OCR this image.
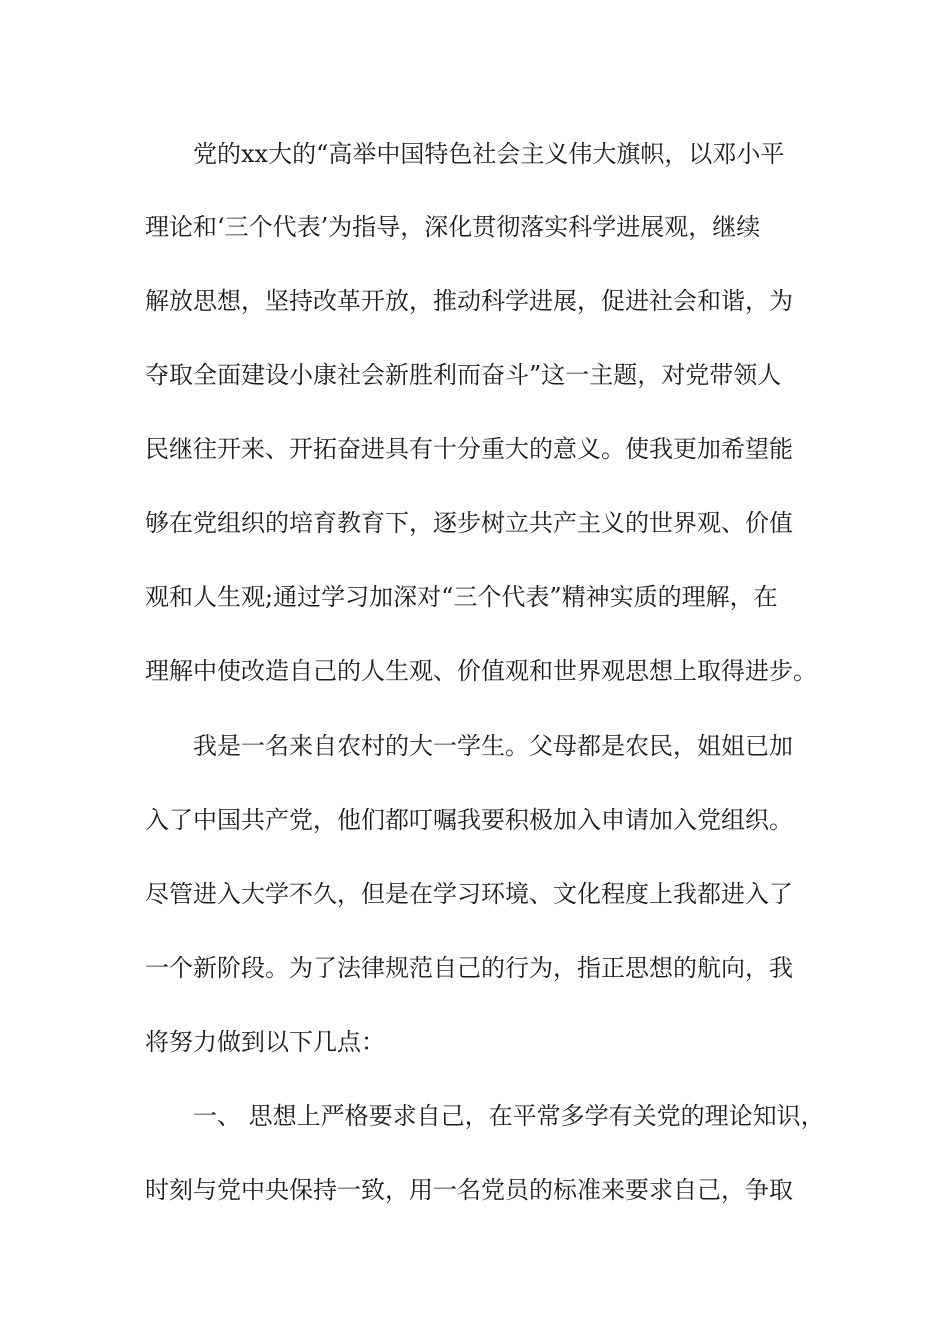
党的xx大的“高举中国特色社会主义伟大旗帜，以邓小平
理论和‘三个代表’为指导，深化贯彻落实科学进展观，继续
解放思想，坚持改革开放，推动科学进展，促进社会和谐，为
夺取全面建设小康社会新胜利而奋斗”这一主题，对党带领人
民继往开来、开拓奋进具有十分重大的意义。使我更加希望能
够在党组织的培育教育下，逐步树立共产主义的世界观、价值
观和人生观;通过学习加深对“三个代表”精神实质的理解，在
理解中使改造自己的人生观、价值观和世界观思想上取得进步。
我是一名来自农村的大一学生。父母都是农民，姐姐已加
入了中国共产党，他们都叮嘱我要积极加入申请加入党组织。
尽管进入大学不久，但是在学习环境、文化程度上我都进入了
一个新阶段。为了法律规范自己的行为，指正思想的航向，我
将努力做到以下几点：
一、 思想上严格要求自己，在平常多学有关党的理论知识，
时刻与党中央保持一致，用一名党员的标准来要求自己，争取
